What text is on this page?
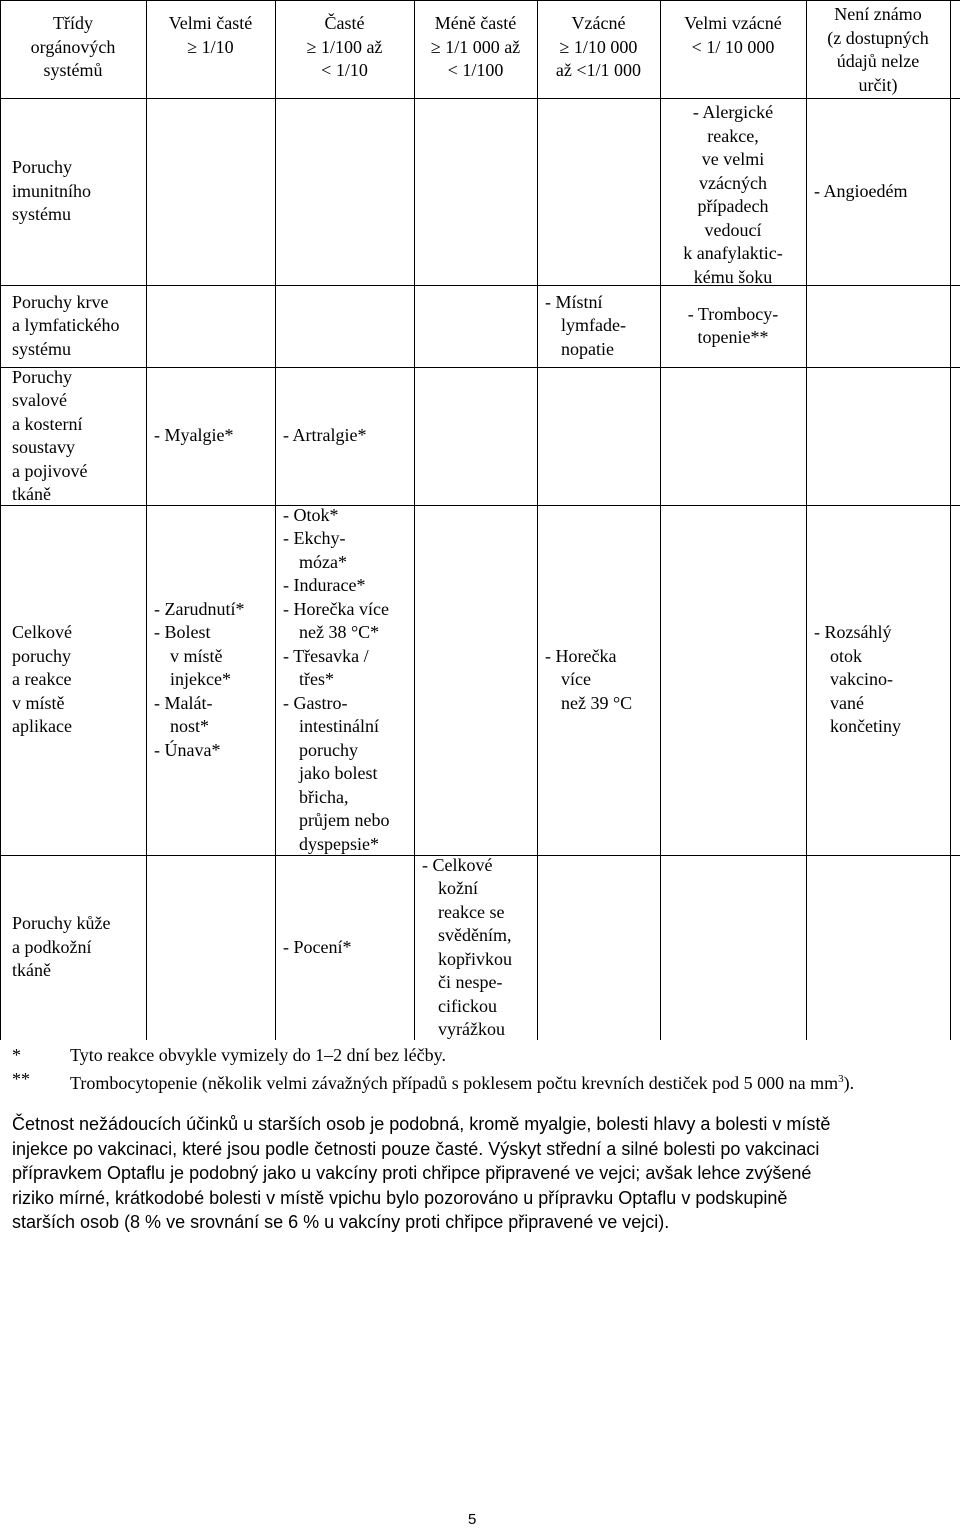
Třídy
orgánových
systémů
Velmi časté
≥ 1/10
Časté
≥ 1/100 až
< 1/10
Méně časté
≥ 1/1 000 až
< 1/100
Vzácné
≥ 1/10 000
až <1/1 000
Velmi vzácné
< 1/ 10 000
Není známo
(z dostupných
údajů nelze
určit)
Poruchy
imunitního
systému
- Alergické
reakce,
ve velmi
vzácných
případech
vedoucí
k anafylaktic-
kému šoku
- Angioedém
Poruchy krve
a lymfatického
systému
- Místní
lymfade-
nopatie
- Trombocy-
topenie**
Poruchy
svalové
a kosterní
soustavy
a pojivové
tkáně
- Myalgie*	- Artralgie*
Celkové
poruchy
a reakce
v místě
aplikace
- Zarudnutí*
- Bolest
v místě
injekce*
- Malát-
nost*
- Únava*
- Otok*
- Ekchy-
móza*
- Indurace*
- Horečka více
než 38 °C*
- Třesavka /
třes*
- Gastro-
intestinální
poruchy
jako bolest
břicha,
průjem nebo
dyspepsie*
- Horečka
více
než 39 °C
- Rozsáhlý
otok
vakcino-
vané
končetiny
Poruchy kůže
a podkožní
tkáně
- Pocení*
- Celkové
kožní
reakce se
svěděním,
kopřivkou
či nespe-
cifickou
vyrážkou
*	Tyto reakce obvykle vymizely do 1–2 dní bez léčby.
** Trombocytopenie (několik velmi závažných případů s poklesem počtu krevních destiček pod 5 000 na $mm^3$).
Četnost nežádoucích účinků u starších osob je podobná, kromě myalgie, bolesti hlavy a bolesti v místě
injekce po vakcinaci, které jsou podle četnosti pouze časté. Výskyt střední a silné bolesti po vakcinaci
přípravkem Optaflu je podobný jako u vakcíny proti chřipce připravené ve vejci; avšak lehce zvýšené
riziko mírné, krátkodobé bolesti v místě vpichu bylo pozorováno u přípravku Optaflu v podskupině
starších osob (8 % ve srovnání se 6 % u vakcíny proti chřipce připravené ve vejci).
5
